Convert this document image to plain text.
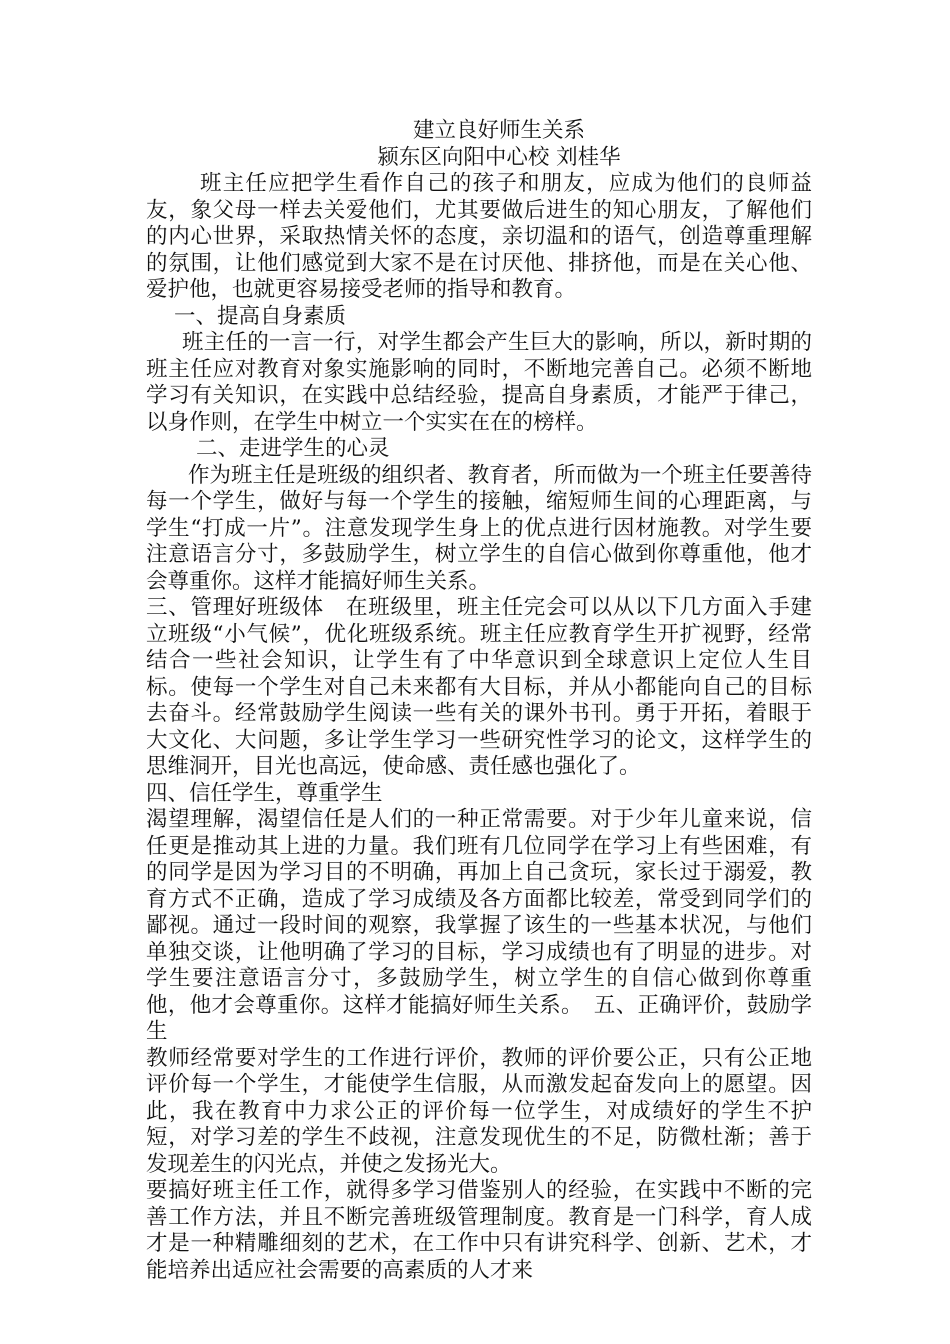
建立良好师生关系

颍东区向阳中心校 刘桂华

班主任应把学生看作自己的孩子和朋友，应成为他们的良师益友，象父母一样去关爱他们，尤其要做后进生的知心朋友，了解他们的内心世界，采取热情关怀的态度，亲切温和的语气，创造尊重理解的氛围，让他们感觉到大家不是在讨厌他、排挤他，而是在关心他、爱护他，也就更容易接受老师的指导和教育。

一、提高自身素质

班主任的一言一行，对学生都会产生巨大的影响，所以，新时期的班主任应对教育对象实施影响的同时，不断地完善自己。必须不断地学习有关知识，在实践中总结经验，提高自身素质，才能严于律己，以身作则，在学生中树立一个实实在在的榜样。

二、走进学生的心灵

作为班主任是班级的组织者、教育者，所而做为一个班主任要善待每一个学生，做好与每一个学生的接触，缩短师生间的心理距离，与学生“打成一片”。注意发现学生身上的优点进行因材施教。对学生要注意语言分寸，多鼓励学生，树立学生的自信心做到你尊重他，他才会尊重你。这样才能搞好师生关系。

三、管理好班级体　在班级里，班主任完会可以从以下几方面入手建立班级“小气候”，优化班级系统。班主任应教育学生开扩视野，经常结合一些社会知识，让学生有了中华意识到全球意识上定位人生目标。使每一个学生对自己未来都有大目标，并从小都能向自己的目标去奋斗。经常鼓励学生阅读一些有关的课外书刊。勇于开拓，着眼于大文化、大问题，多让学生学习一些研究性学习的论文，这样学生的思维洞开，目光也高远，使命感、责任感也强化了。

四、信任学生，尊重学生

渴望理解，渴望信任是人们的一种正常需要。对于少年儿童来说，信任更是推动其上进的力量。我们班有几位同学在学习上有些困难，有的同学是因为学习目的不明确，再加上自己贪玩，家长过于溺爱，教育方式不正确，造成了学习成绩及各方面都比较差，常受到同学们的鄙视。通过一段时间的观察，我掌握了该生的一些基本状况，与他们单独交谈，让他明确了学习的目标，学习成绩也有了明显的进步。对学生要注意语言分寸，多鼓励学生，树立学生的自信心做到你尊重他，他才会尊重你。这样才能搞好师生关系。　五、正确评价，鼓励学生

教师经常要对学生的工作进行评价，教师的评价要公正，只有公正地评价每一个学生，才能使学生信服，从而激发起奋发向上的愿望。因此，我在教育中力求公正的评价每一位学生，对成绩好的学生不护短，对学习差的学生不歧视，注意发现优生的不足，防微杜渐；善于发现差生的闪光点，并使之发扬光大。

要搞好班主任工作，就得多学习借鉴别人的经验，在实践中不断的完善工作方法，并且不断完善班级管理制度。教育是一门科学，育人成才是一种精雕细刻的艺术，在工作中只有讲究科学、创新、艺术，才能培养出适应社会需要的高素质的人才来
